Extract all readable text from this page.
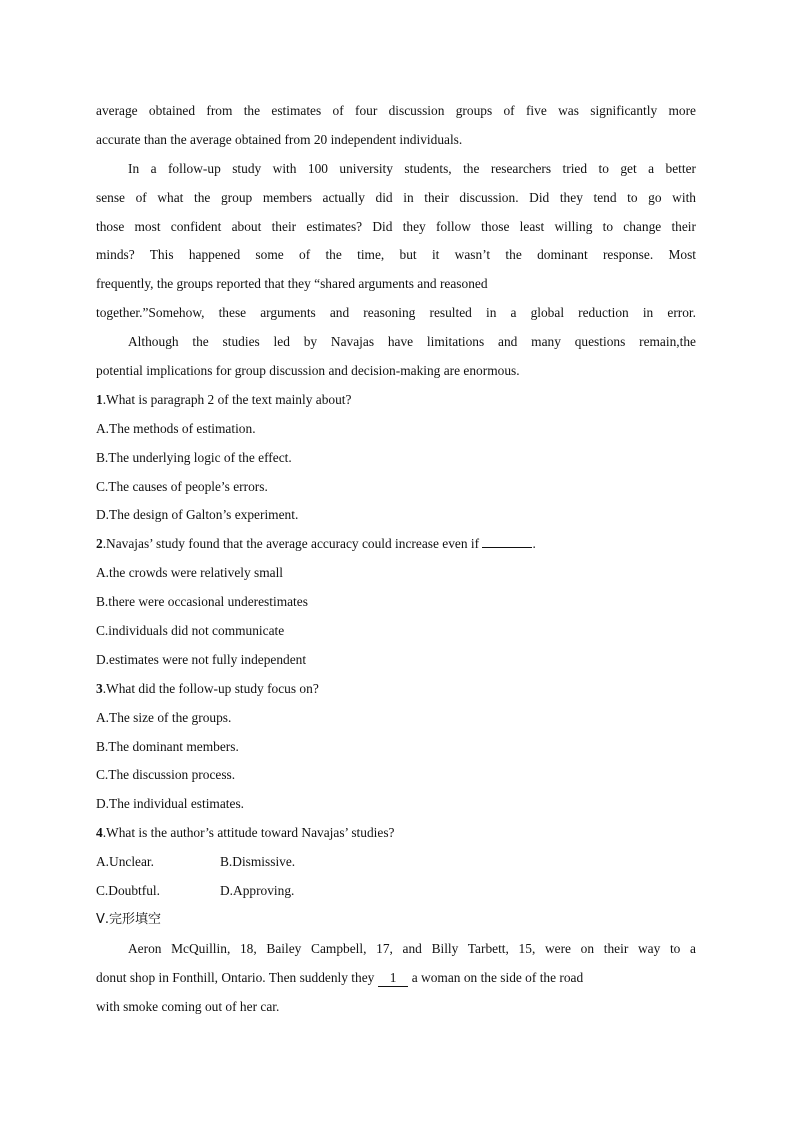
average obtained from the estimates of four discussion groups of five was significantly more
accurate than the average obtained from 20 independent individuals.
In a follow-up study with 100 university students, the researchers tried to get a better
sense of what the group members actually did in their discussion. Did they tend to go with
those most confident about their estimates? Did they follow those least willing to change their
minds? This happened some of the time, but it wasn’t the dominant response. Most
frequently, the groups reported that they “shared arguments and reasoned
together.”Somehow, these arguments and reasoning resulted in a global reduction in error.
Although the studies led by Navajas have limitations and many questions remain,the
potential implications for group discussion and decision-making are enormous.
1.What is paragraph 2 of the text mainly about?
A.The methods of estimation.
B.The underlying logic of the effect.
C.The causes of people’s errors.
D.The design of Galton’s experiment.
2.Navajas’ study found that the average accuracy could increase even if	.
A.the crowds were relatively small
B.there were occasional underestimates
C.individuals did not communicate
D.estimates were not fully independent
3.What did the follow-up study focus on?
A.The size of the groups.
B.The dominant members.
C.The discussion process.
D.The individual estimates.
4.What is the author’s attitude toward Navajas’ studies?
A.Unclear.	B.Dismissive.
C.Doubtful.	D.Approving.
Ⅴ.完形填空
Aeron McQuillin, 18, Bailey Campbell, 17, and Billy Tarbett, 15, were on their way to a
donut shop in Fonthill, Ontario. Then suddenly they 1 a woman on the side of the road
with smoke coming out of her car.
